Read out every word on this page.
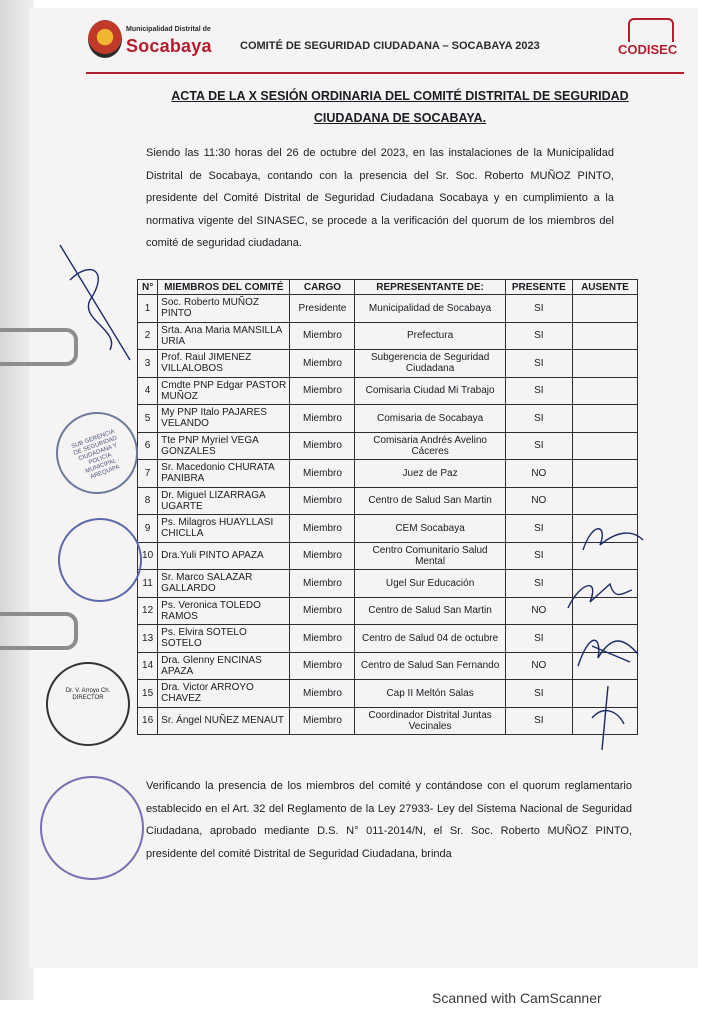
Municipalidad Distrital de
Socabaya	COMITÉ DE SEGURIDAD CIUDADANA – SOCABAYA 2023	CODISEC
ACTA DE LA X SESIÓN ORDINARIA DEL COMITÉ DISTRITAL DE SEGURIDAD
CIUDADANA DE SOCABAYA.
Siendo las 11:30 horas del 26 de octubre del 2023, en las instalaciones de la Municipalidad Distrital de Socabaya, contando con la presencia del Sr. Soc. Roberto MUÑOZ PINTO, presidente del Comité Distrital de Seguridad Ciudadana Socabaya y en cumplimiento a la normativa vigente del SINASEC, se procede a la verificación del quorum de los miembros del comité de seguridad ciudadana.
N°	MIEMBROS DEL COMITÉ	CARGO	REPRESENTANTE DE:	PRESENTE	AUSENTE
1	Soc. Roberto MUÑOZ PINTO	Presidente	Municipalidad de Socabaya	SI	
2	Srta. Ana Maria MANSILLA URIA	Miembro	Prefectura	SI	
3	Prof. Raul JIMENEZ VILLALOBOS	Miembro	Subgerencia de Seguridad Ciudadana	SI	
4	Cmdte PNP Edgar PASTOR MUÑOZ	Miembro	Comisaria Ciudad Mi Trabajo	SI	
5	My PNP Italo PAJARES VELANDO	Miembro	Comisaria de Socabaya	SI	
6	Tte PNP Myriel VEGA GONZALES	Miembro	Comisaria Andrés Avelino Cáceres	SI	
7	Sr. Macedonio CHURATA PANIBRA	Miembro	Juez de Paz	NO	
8	Dr. Miguel LIZARRAGA UGARTE	Miembro	Centro de Salud San Martin	NO	
9	Ps. Milagros HUAYLLASI CHICLLA	Miembro	CEM Socabaya	SI	
10	Dra.Yuli PINTO APAZA	Miembro	Centro Comunitario Salud Mental	SI	
11	Sr. Marco SALAZAR GALLARDO	Miembro	Ugel Sur Educación	SI	
12	Ps. Veronica TOLEDO RAMOS	Miembro	Centro de Salud San Martin	NO	
13	Ps. Elvira SOTELO SOTELO	Miembro	Centro de Salud 04 de octubre	SI	
14	Dra. Glenny ENCINAS APAZA	Miembro	Centro de Salud San Fernando	NO	
15	Dra. Victor ARROYO CHAVEZ	Miembro	Cap II Meltón Salas	SI	
16	Sr. Ángel NUÑEZ MENAUT	Miembro	Coordinador Distrital Juntas Vecinales	SI	
SUB GERENCIA DE SEGURIDAD CIUDADANA Y POLICÍA MUNICIPAL · AREQUIPA
Dr. V. Arroyo Ch. DIRECTOR
Verificando la presencia de los miembros del comité y contándose con el quorum reglamentario establecido en el Art. 32 del Reglamento de la Ley 27933- Ley del Sistema Nacional de Seguridad Ciudadana, aprobado mediante D.S. N° 011-2014/N, el Sr. Soc. Roberto MUÑOZ PINTO, presidente del comité Distrital de Seguridad Ciudadana, brinda
Scanned with CamScanner
